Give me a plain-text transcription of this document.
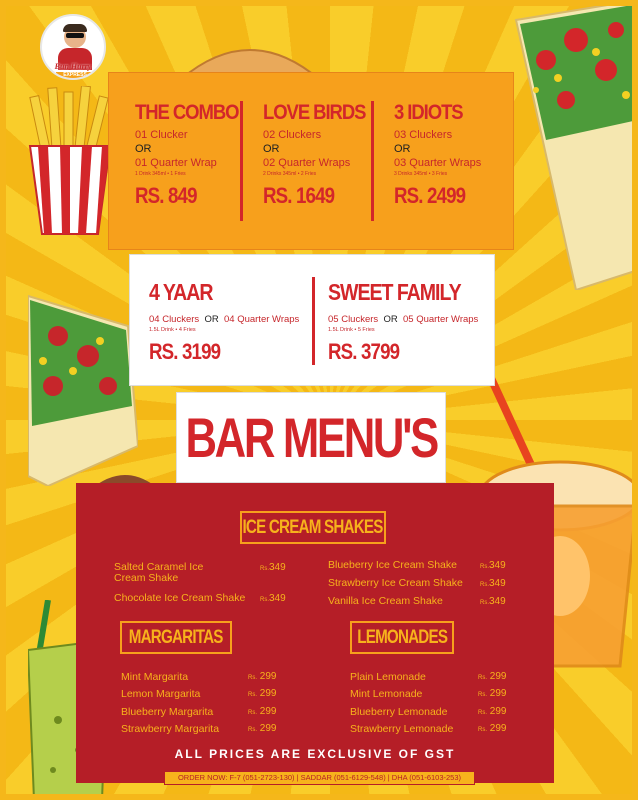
Bun Hurry
EXPRESS
THE COMBO
01 Clucker
OR
01 Quarter Wrap
1 Drink 345ml • 1 Fries
RS. 849
LOVE BIRDS
02 Cluckers
OR
02 Quarter Wraps
2 Drinks 345ml • 2 Fries
RS. 1649
3 IDIOTS
03 Cluckers
OR
03 Quarter Wraps
3 Drinks 345ml • 3 Fries
RS. 2499
4 YAAR
04 Cluckers OR 04 Quarter Wraps
1.5L Drink • 4 Fries
RS. 3199
SWEET FAMILY
05 Cluckers OR 05 Quarter Wraps
1.5L Drink • 5 Fries
RS. 3799
BAR MENU'S
ICE CREAM SHAKES
Salted Caramel Ice Cream Shake
Rs.349
Chocolate Ice Cream Shake Rs.349
Blueberry Ice Cream Shake	Rs.349
Strawberry Ice Cream Shake	Rs.349
Vanilla Ice Cream Shake	Rs.349
MARGARITAS	LEMONADES
Mint Margarita	Rs. 299
Lemon Margarita	Rs. 299
Blueberry Margarita	Rs. 299
Strawberry Margarita	Rs. 299
Plain Lemonade	Rs. 299
Mint Lemonade	Rs. 299
Blueberry Lemonade	Rs. 299
Strawberry Lemonade	Rs. 299
ALL PRICES ARE EXCLUSIVE OF GST
ORDER NOW: F-7 (051-2723-130) | SADDAR (051-6129-548) | DHA (051-6103-253)
